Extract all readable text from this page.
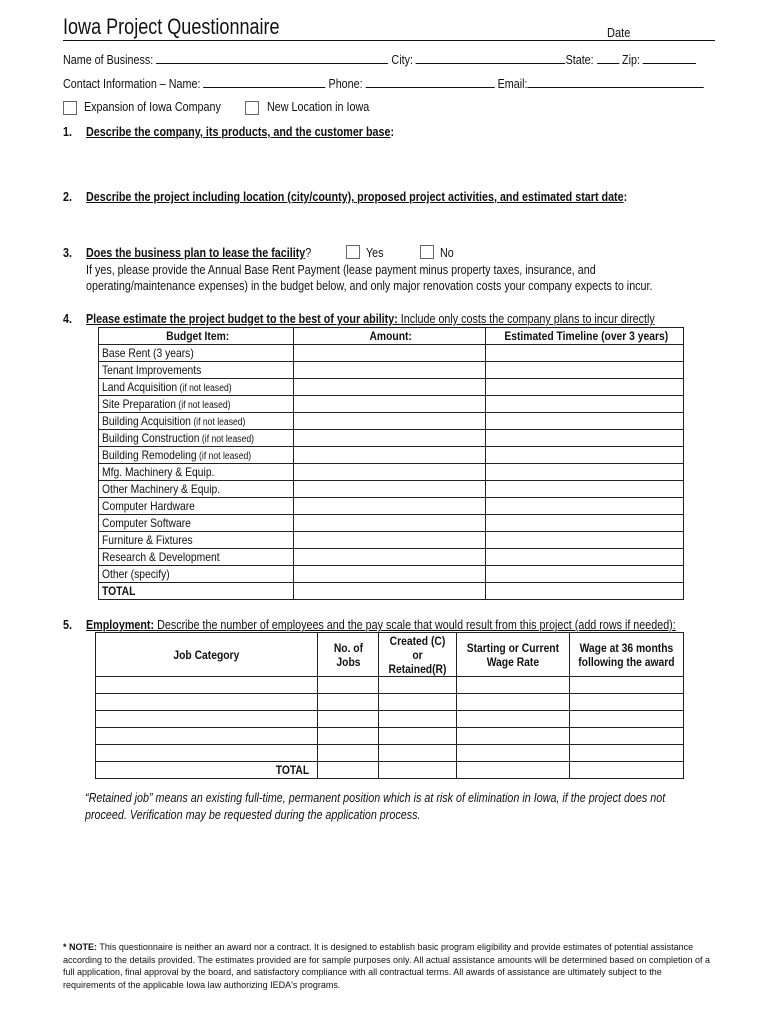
Iowa Project Questionnaire	Date
Name of Business:	City:	State: Zip:
Contact Information – Name:	Phone:	Email:
Expansion of Iowa Company	New Location in Iowa
1. Describe the company, its products, and the customer base:
2. Describe the project including location (city/county), proposed project activities, and estimated start date:
3. Does the business plan to lease the facility?	Yes	No
If yes, please provide the Annual Base Rent Payment (lease payment minus property taxes, insurance, and
operating/maintenance expenses) in the budget below, and only major renovation costs your company expects to incur.
4. Please estimate the project budget to the best of your ability: Include only costs the company plans to incur directly
Budget Item:	Amount:	Estimated Timeline (over 3 years)
Base Rent (3 years)		
Tenant Improvements		
Land Acquisition (if not leased)		
Site Preparation (if not leased)		
Building Acquisition (if not leased)		
Building Construction (if not leased)		
Building Remodeling (if not leased)		
Mfg. Machinery & Equip.		
Other Machinery & Equip.		
Computer Hardware		
Computer Software		
Furniture & Fixtures		
Research & Development		
Other (specify)		
TOTAL		
5. Employment: Describe the number of employees and the pay scale that would result from this project (add rows if needed):
Job Category	No. of Jobs	Created (C) or Retained(R)	Starting or Current Wage Rate	Wage at 36 months following the award

TOTAL				
“Retained job” means an existing full-time, permanent position which is at risk of elimination in Iowa, if the project does not proceed. Verification may be requested during the application process.
* NOTE: This questionnaire is neither an award nor a contract. It is designed to establish basic program eligibility and provide estimates of potential assistance according to the details provided. The estimates provided are for sample purposes only. All actual assistance amounts will be determined based on completion of a full application, final approval by the board, and satisfactory compliance with all contractual terms. All awards of assistance are ultimately subject to the requirements of the applicable Iowa law authorizing IEDA's programs.
